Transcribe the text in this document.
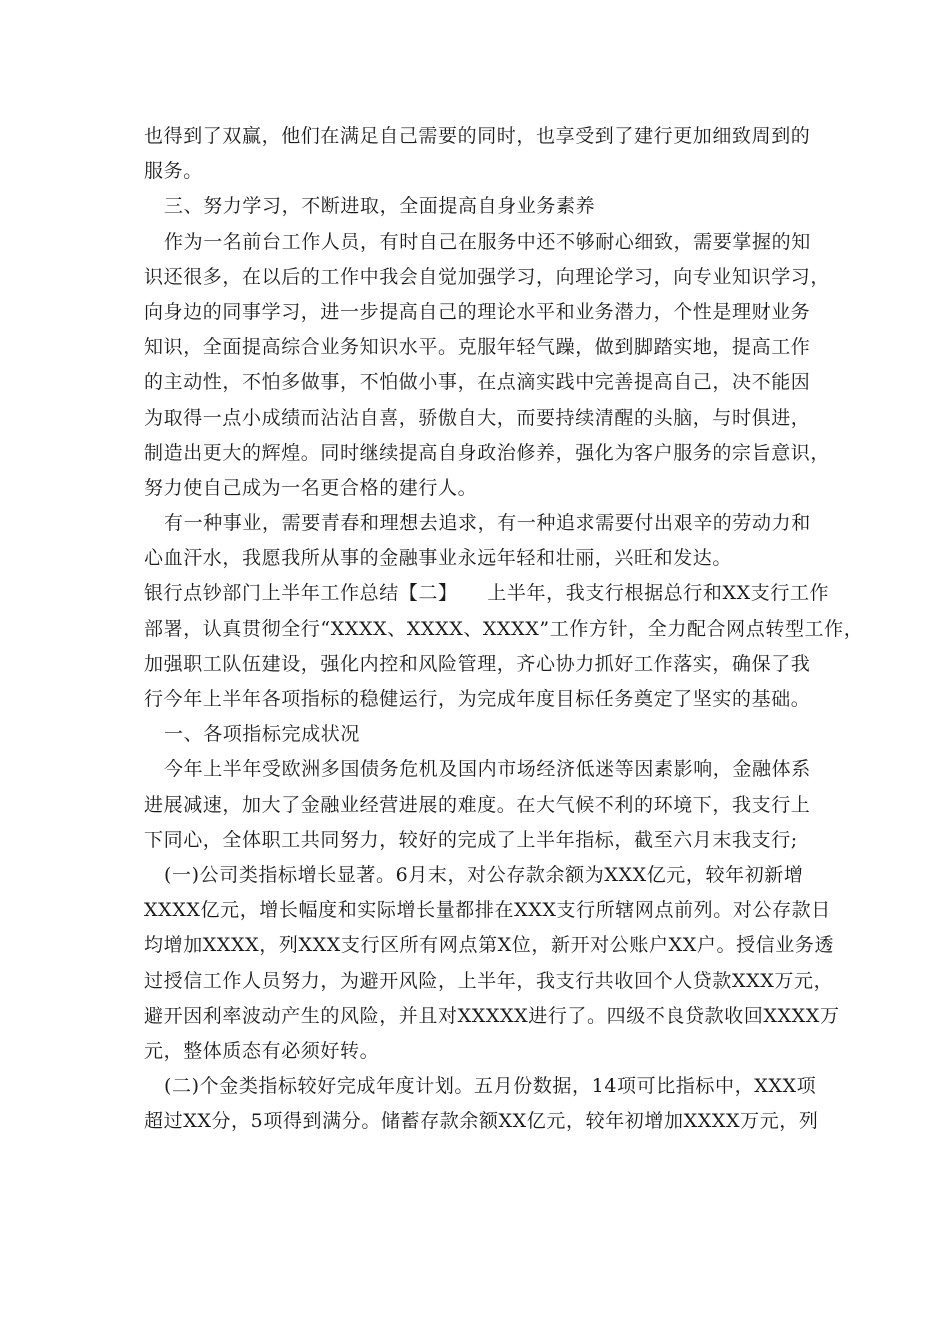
也得到了双赢，他们在满足自己需要的同时，也享受到了建行更加细致周到的
服务。
三、努力学习，不断进取，全面提高自身业务素养
作为一名前台工作人员，有时自己在服务中还不够耐心细致，需要掌握的知
识还很多，在以后的工作中我会自觉加强学习，向理论学习，向专业知识学习，
向身边的同事学习，进一步提高自己的理论水平和业务潜力，个性是理财业务
知识，全面提高综合业务知识水平。克服年轻气躁，做到脚踏实地，提高工作
的主动性，不怕多做事，不怕做小事，在点滴实践中完善提高自己，决不能因
为取得一点小成绩而沾沾自喜，骄傲自大，而要持续清醒的头脑，与时俱进，
制造出更大的辉煌。同时继续提高自身政治修养，强化为客户服务的宗旨意识，
努力使自己成为一名更合格的建行人。
有一种事业，需要青春和理想去追求，有一种追求需要付出艰辛的劳动力和
心血汗水，我愿我所从事的金融事业永远年轻和壮丽，兴旺和发达。
银行点钞部门上半年工作总结【二】　　上半年，我支行根据总行和XX支行工作
部署，认真贯彻全行“XXXX、XXXX、XXXX”工作方针，全力配合网点转型工作，
加强职工队伍建设，强化内控和风险管理，齐心协力抓好工作落实，确保了我
行今年上半年各项指标的稳健运行，为完成年度目标任务奠定了坚实的基础。
一、各项指标完成状况
今年上半年受欧洲多国债务危机及国内市场经济低迷等因素影响，金融体系
进展减速，加大了金融业经营进展的难度。在大气候不利的环境下，我支行上
下同心，全体职工共同努力，较好的完成了上半年指标，截至六月末我支行;
(一)公司类指标增长显著。6月末，对公存款余额为XXX亿元，较年初新增
XXXX亿元，增长幅度和实际增长量都排在XXX支行所辖网点前列。对公存款日
均增加XXXX，列XXX支行区所有网点第X位，新开对公账户XX户。授信业务透
过授信工作人员努力，为避开风险，上半年，我支行共收回个人贷款XXX万元，
避开因利率波动产生的风险，并且对XXXXX进行了。四级不良贷款收回XXXX万
元，整体质态有必须好转。
(二)个金类指标较好完成年度计划。五月份数据，14项可比指标中，XXX项
超过XX分，5项得到满分。储蓄存款余额XX亿元，较年初增加XXXX万元，列
